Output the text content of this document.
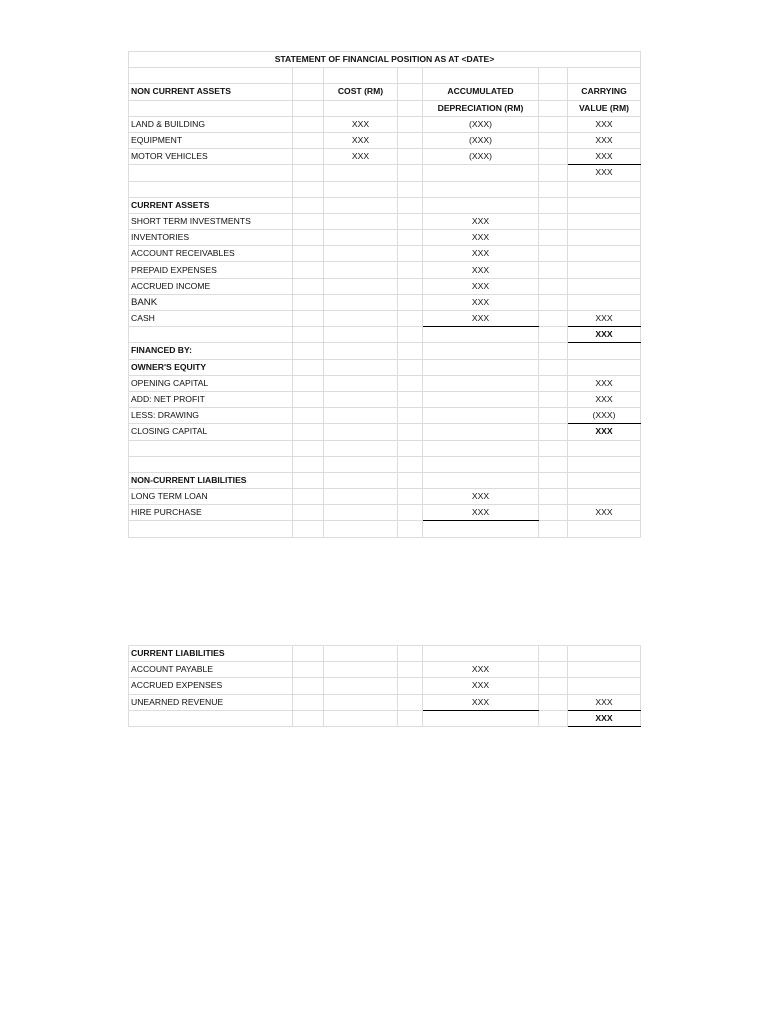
STATEMENT OF FINANCIAL POSITION AS AT <DATE>						

NON CURRENT ASSETS		COST (RM)		ACCUMULATED		CARRYING
				DEPRECIATION (RM)		VALUE (RM)
LAND & BUILDING		XXX		(XXX)		XXX
EQUIPMENT		XXX		(XXX)		XXX
MOTOR VEHICLES		XXX		(XXX)		XXX
						XXX

CURRENT ASSETS						
SHORT TERM INVESTMENTS				XXX		
INVENTORIES				XXX		
ACCOUNT RECEIVABLES				XXX		
PREPAID EXPENSES				XXX		
ACCRUED INCOME				XXX		
BANK				XXX		
CASH				XXX		XXX
						XXX
FINANCED BY:						
OWNER'S EQUITY						
OPENING CAPITAL						XXX
ADD: NET PROFIT						XXX
LESS: DRAWING						(XXX)
CLOSING CAPITAL						XXX

NON-CURRENT LIABILITIES						
LONG TERM LOAN				XXX		
HIRE PURCHASE				XXX		XXX

CURRENT LIABILITIES						
ACCOUNT PAYABLE				XXX		
ACCRUED EXPENSES				XXX		
UNEARNED REVENUE				XXX		XXX
						XXX
